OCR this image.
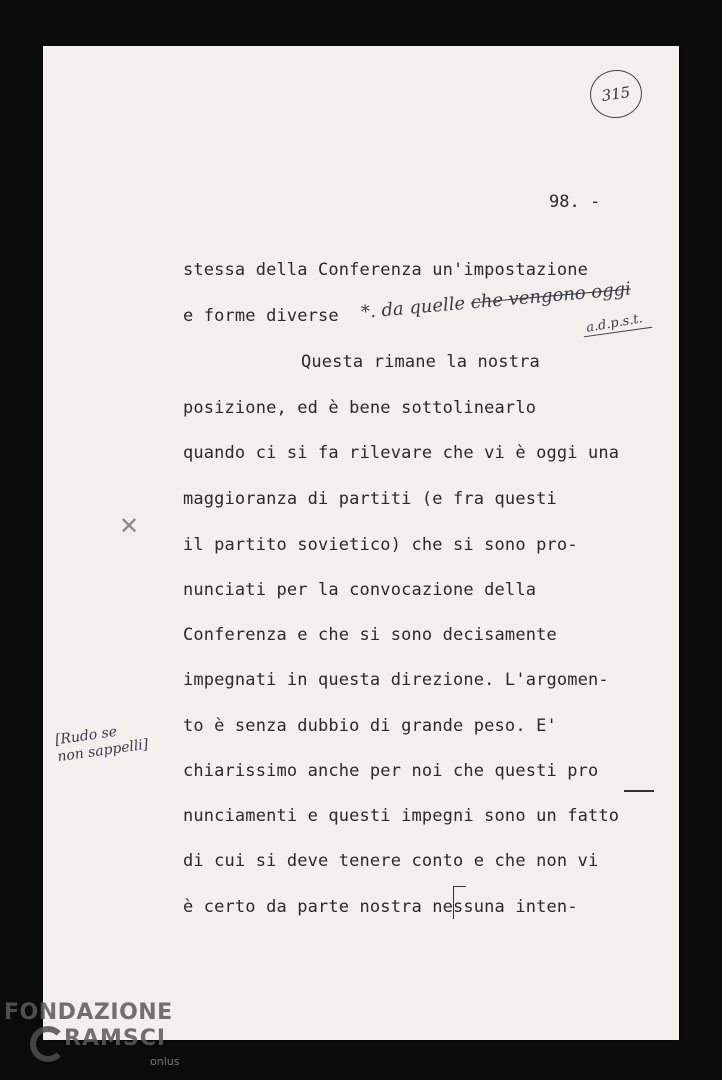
315
98. -
stessa della Conferenza un'impostazione
e forme diverse
Questa rimane la nostra
posizione, ed è bene sottolinearlo
quando ci si fa rilevare che vi è oggi una
maggioranza di partiti (e fra questi
il partito sovietico) che si sono pro-
nunciati per la convocazione della
Conferenza e che si sono decisamente
impegnati in questa direzione. L'argomen-
to è senza dubbio di grande peso. E'
chiarissimo anche per noi che questi pro
nunciamenti e questi impegni sono un fatto
di cui si deve tenere conto e che non vi
è certo da parte nostra nessuna inten-
*. da quelle che vengono oggi
a.d.p.s.t.
[Rudo se
non sappelli]
✕
FONDAZIONE
RAMSCI
onlus
